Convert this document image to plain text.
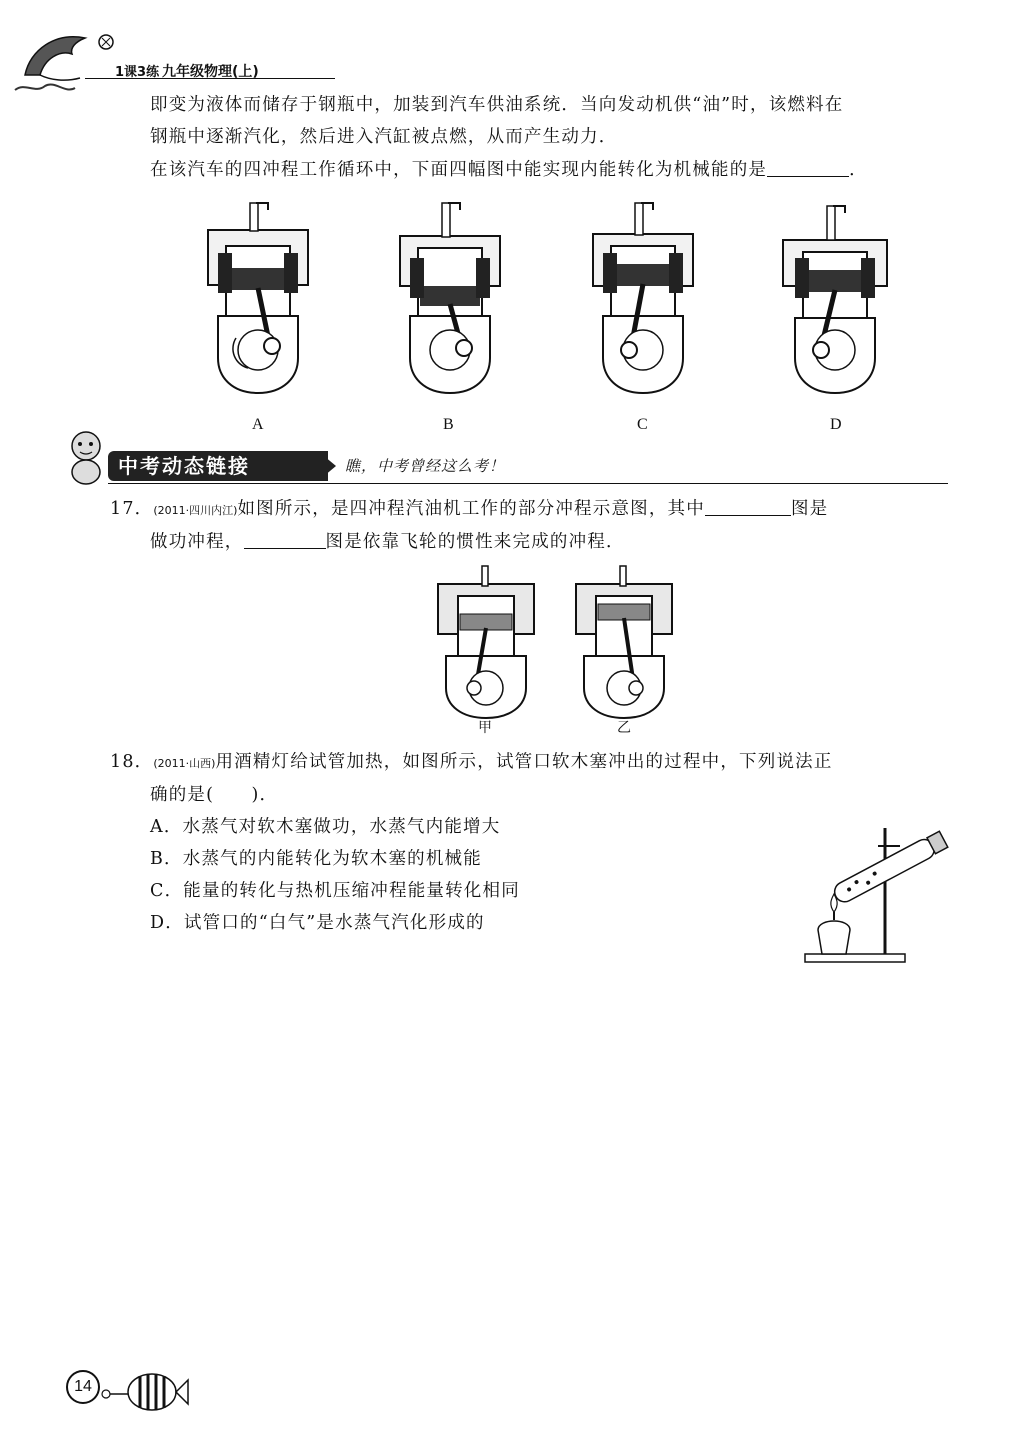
1课3练 九年级物理(上)
即变为液体而储存于钢瓶中，加装到汽车供油系统．当向发动机供“油”时，该燃料在
钢瓶中逐渐汽化，然后进入汽缸被点燃，从而产生动力．
在该汽车的四冲程工作循环中，下面四幅图中能实现内能转化为机械能的是	．
A	B	C	D
中考动态链接	瞧，中考曾经这么考！
17．(2011·四川内江)如图所示，是四冲程汽油机工作的部分冲程示意图，其中	图是
做功冲程，	图是依靠飞轮的惯性来完成的冲程．
甲	乙
18．(2011·山西)用酒精灯给试管加热，如图所示，试管口软木塞冲出的过程中，下列说法正
确的是(　　)．
A．水蒸气对软木塞做功，水蒸气内能增大
B．水蒸气的内能转化为软木塞的机械能
C．能量的转化与热机压缩冲程能量转化相同
D．试管口的“白气”是水蒸气汽化形成的
14
